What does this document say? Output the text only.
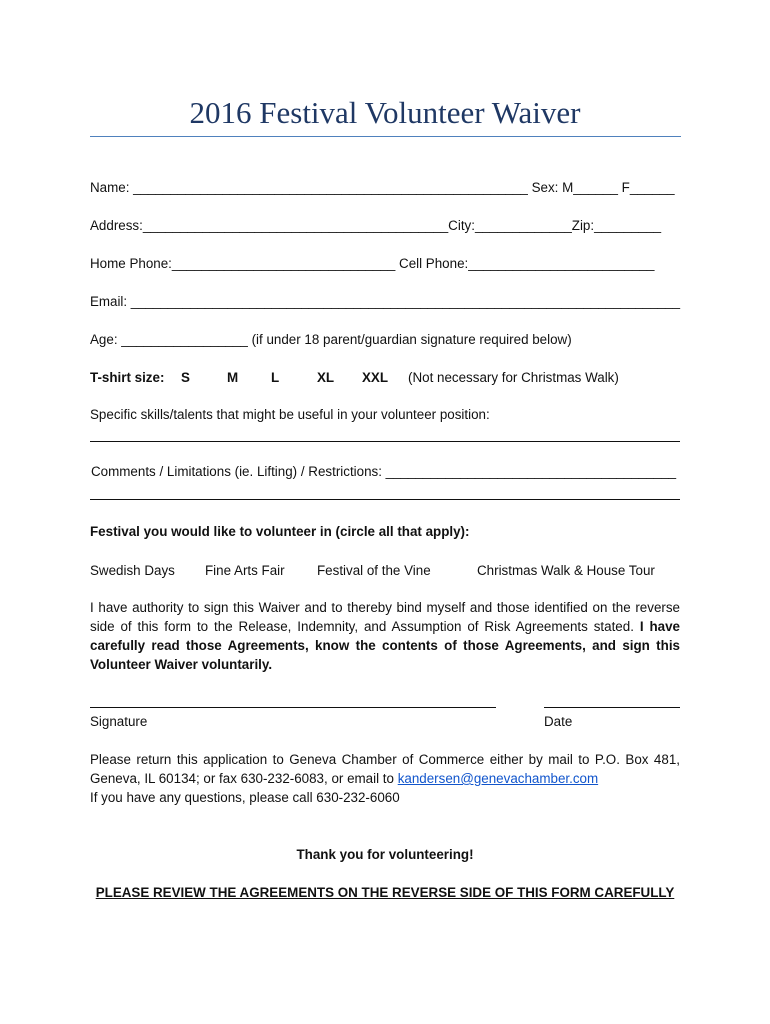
2016 Festival Volunteer Waiver
Name: _____________________________________________________ Sex: M______ F______
Address:_________________________________________City:_____________Zip:_________
Home Phone:______________________________ Cell Phone:_________________________
Email: __________________________________________________________________________
Age: _________________ (if under 18 parent/guardian signature required below)
T-shirt size: S	M L	XL XXL (Not necessary for Christmas Walk)
Specific skills/talents that might be useful in your volunteer position:
Comments / Limitations (ie. Lifting) / Restrictions: _______________________________________
Festival you would like to volunteer in (circle all that apply):
Swedish Days Fine Arts Fair Festival of the Vine	Christmas Walk & House Tour

I have authority to sign this Waiver and to thereby bind myself and those identified on the reverse side of this form to the Release, Indemnity, and Assumption of Risk Agreements stated. I have carefully read those Agreements, know the contents of those Agreements, and sign this Volunteer Waiver voluntarily.

Signature	Date

Please return this application to Geneva Chamber of Commerce either by mail to P.O. Box 481, Geneva, IL 60134; or fax 630-232-6083, or email to kandersen@genevachamber.com
If you have any questions, please call 630-232-6060

Thank you for volunteering!
PLEASE REVIEW THE AGREEMENTS ON THE REVERSE SIDE OF THIS FORM CAREFULLY
